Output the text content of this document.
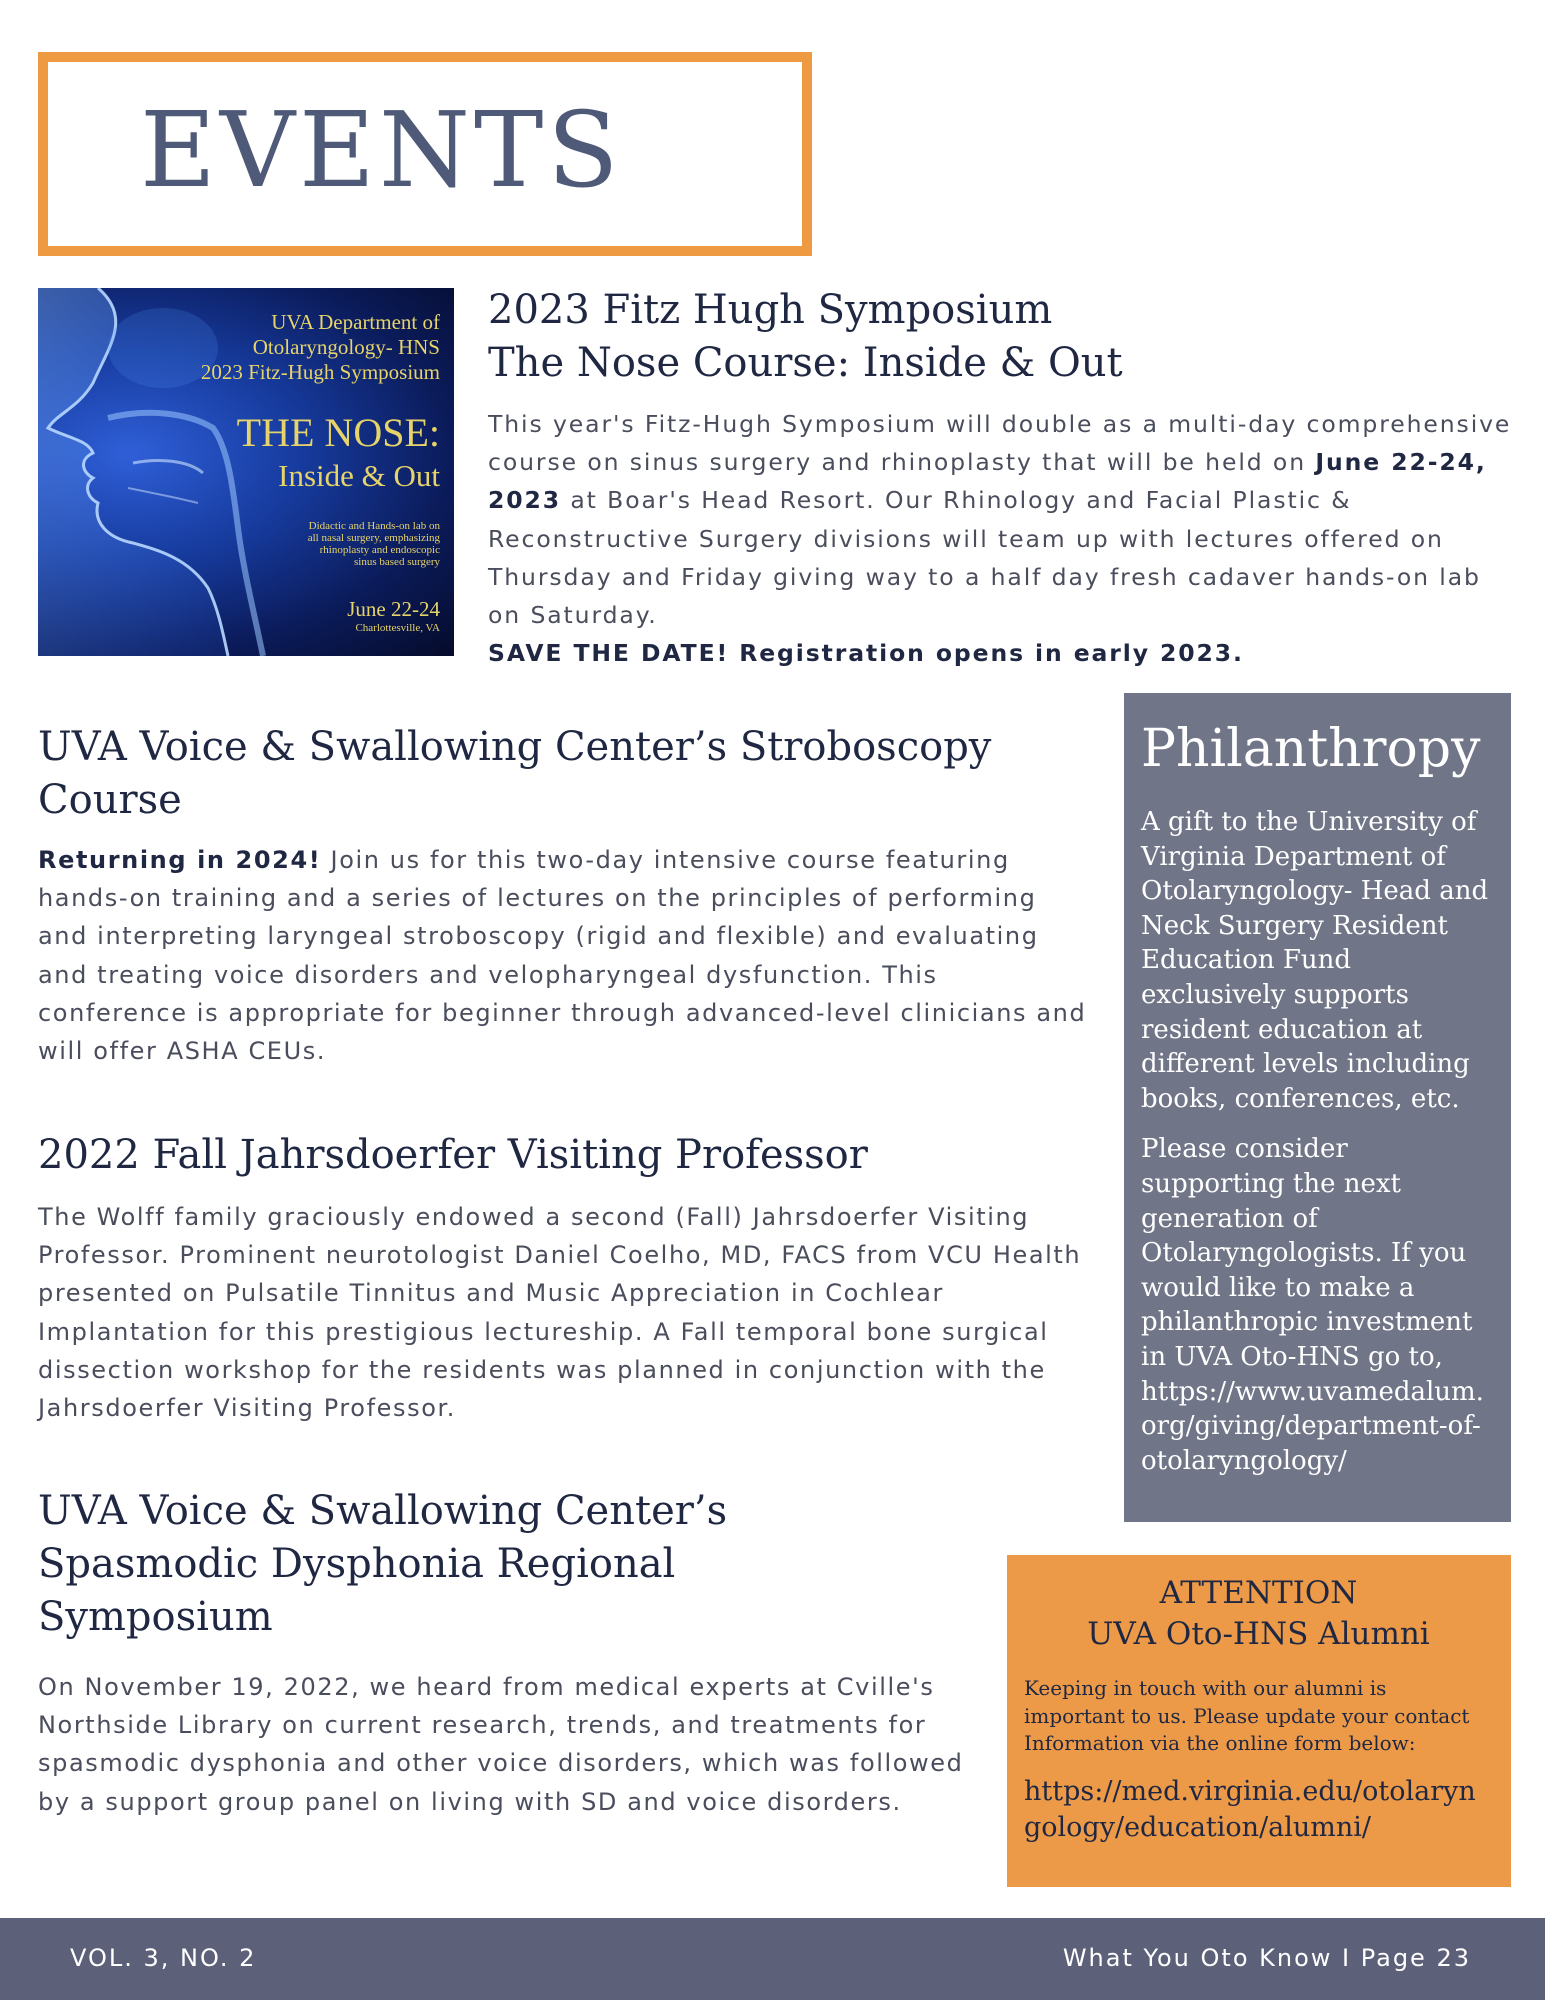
EVENTS
UVA Department of
Otolaryngology- HNS
2023 Fitz-Hugh Symposium
THE NOSE:
Inside & Out
Didactic and Hands-on lab on
all nasal surgery, emphasizing
rhinoplasty and endoscopic
sinus based surgery
June 22-24
Charlottesville, VA
2023 Fitz Hugh Symposium
The Nose Course: Inside & Out

This year's Fitz-Hugh Symposium will double as a multi-day comprehensive course on sinus surgery and rhinoplasty that will be held on June 22-24, 2023 at Boar's Head Resort. Our Rhinology and Facial Plastic & Reconstructive Surgery divisions will team up with lectures offered on Thursday and Friday giving way to a half day fresh cadaver hands-on lab on Saturday.
SAVE THE DATE! Registration opens in early 2023.

UVA Voice & Swallowing Center’s Stroboscopy Course

Returning in 2024! Join us for this two-day intensive course featuring hands-on training and a series of lectures on the principles of performing and interpreting laryngeal stroboscopy (rigid and flexible) and evaluating and treating voice disorders and velopharyngeal dysfunction. This conference is appropriate for beginner through advanced-level clinicians and will offer ASHA CEUs.

2022 Fall Jahrsdoerfer Visiting Professor

The Wolff family graciously endowed a second (Fall) Jahrsdoerfer Visiting Professor. Prominent neurotologist Daniel Coelho, MD, FACS from VCU Health presented on Pulsatile Tinnitus and Music Appreciation in Cochlear Implantation for this prestigious lectureship. A Fall temporal bone surgical dissection workshop for the residents was planned in conjunction with the Jahrsdoerfer Visiting Professor.

UVA Voice & Swallowing Center’s Spasmodic Dysphonia Regional Symposium

On November 19, 2022, we heard from medical experts at Cville's Northside Library on current research, trends, and treatments for spasmodic dysphonia and other voice disorders, which was followed by a support group panel on living with SD and voice disorders.

Philanthropy

A gift to the University of Virginia Department of Otolaryngology- Head and Neck Surgery Resident Education Fund exclusively supports resident education at different levels including books, conferences, etc.

Please consider supporting the next generation of Otolaryngologists. If you would like to make a philanthropic investment in UVA Oto-HNS go to, https://www.uvamedalum.org/giving/department-of-otolaryngology/

ATTENTION
UVA Oto-HNS Alumni

Keeping in touch with our alumni is important to us. Please update your contact Information via the online form below:

https://med.virginia.edu/otolaryngology/education/alumni/
VOL. 3, NO. 2	What You Oto Know I Page 23
